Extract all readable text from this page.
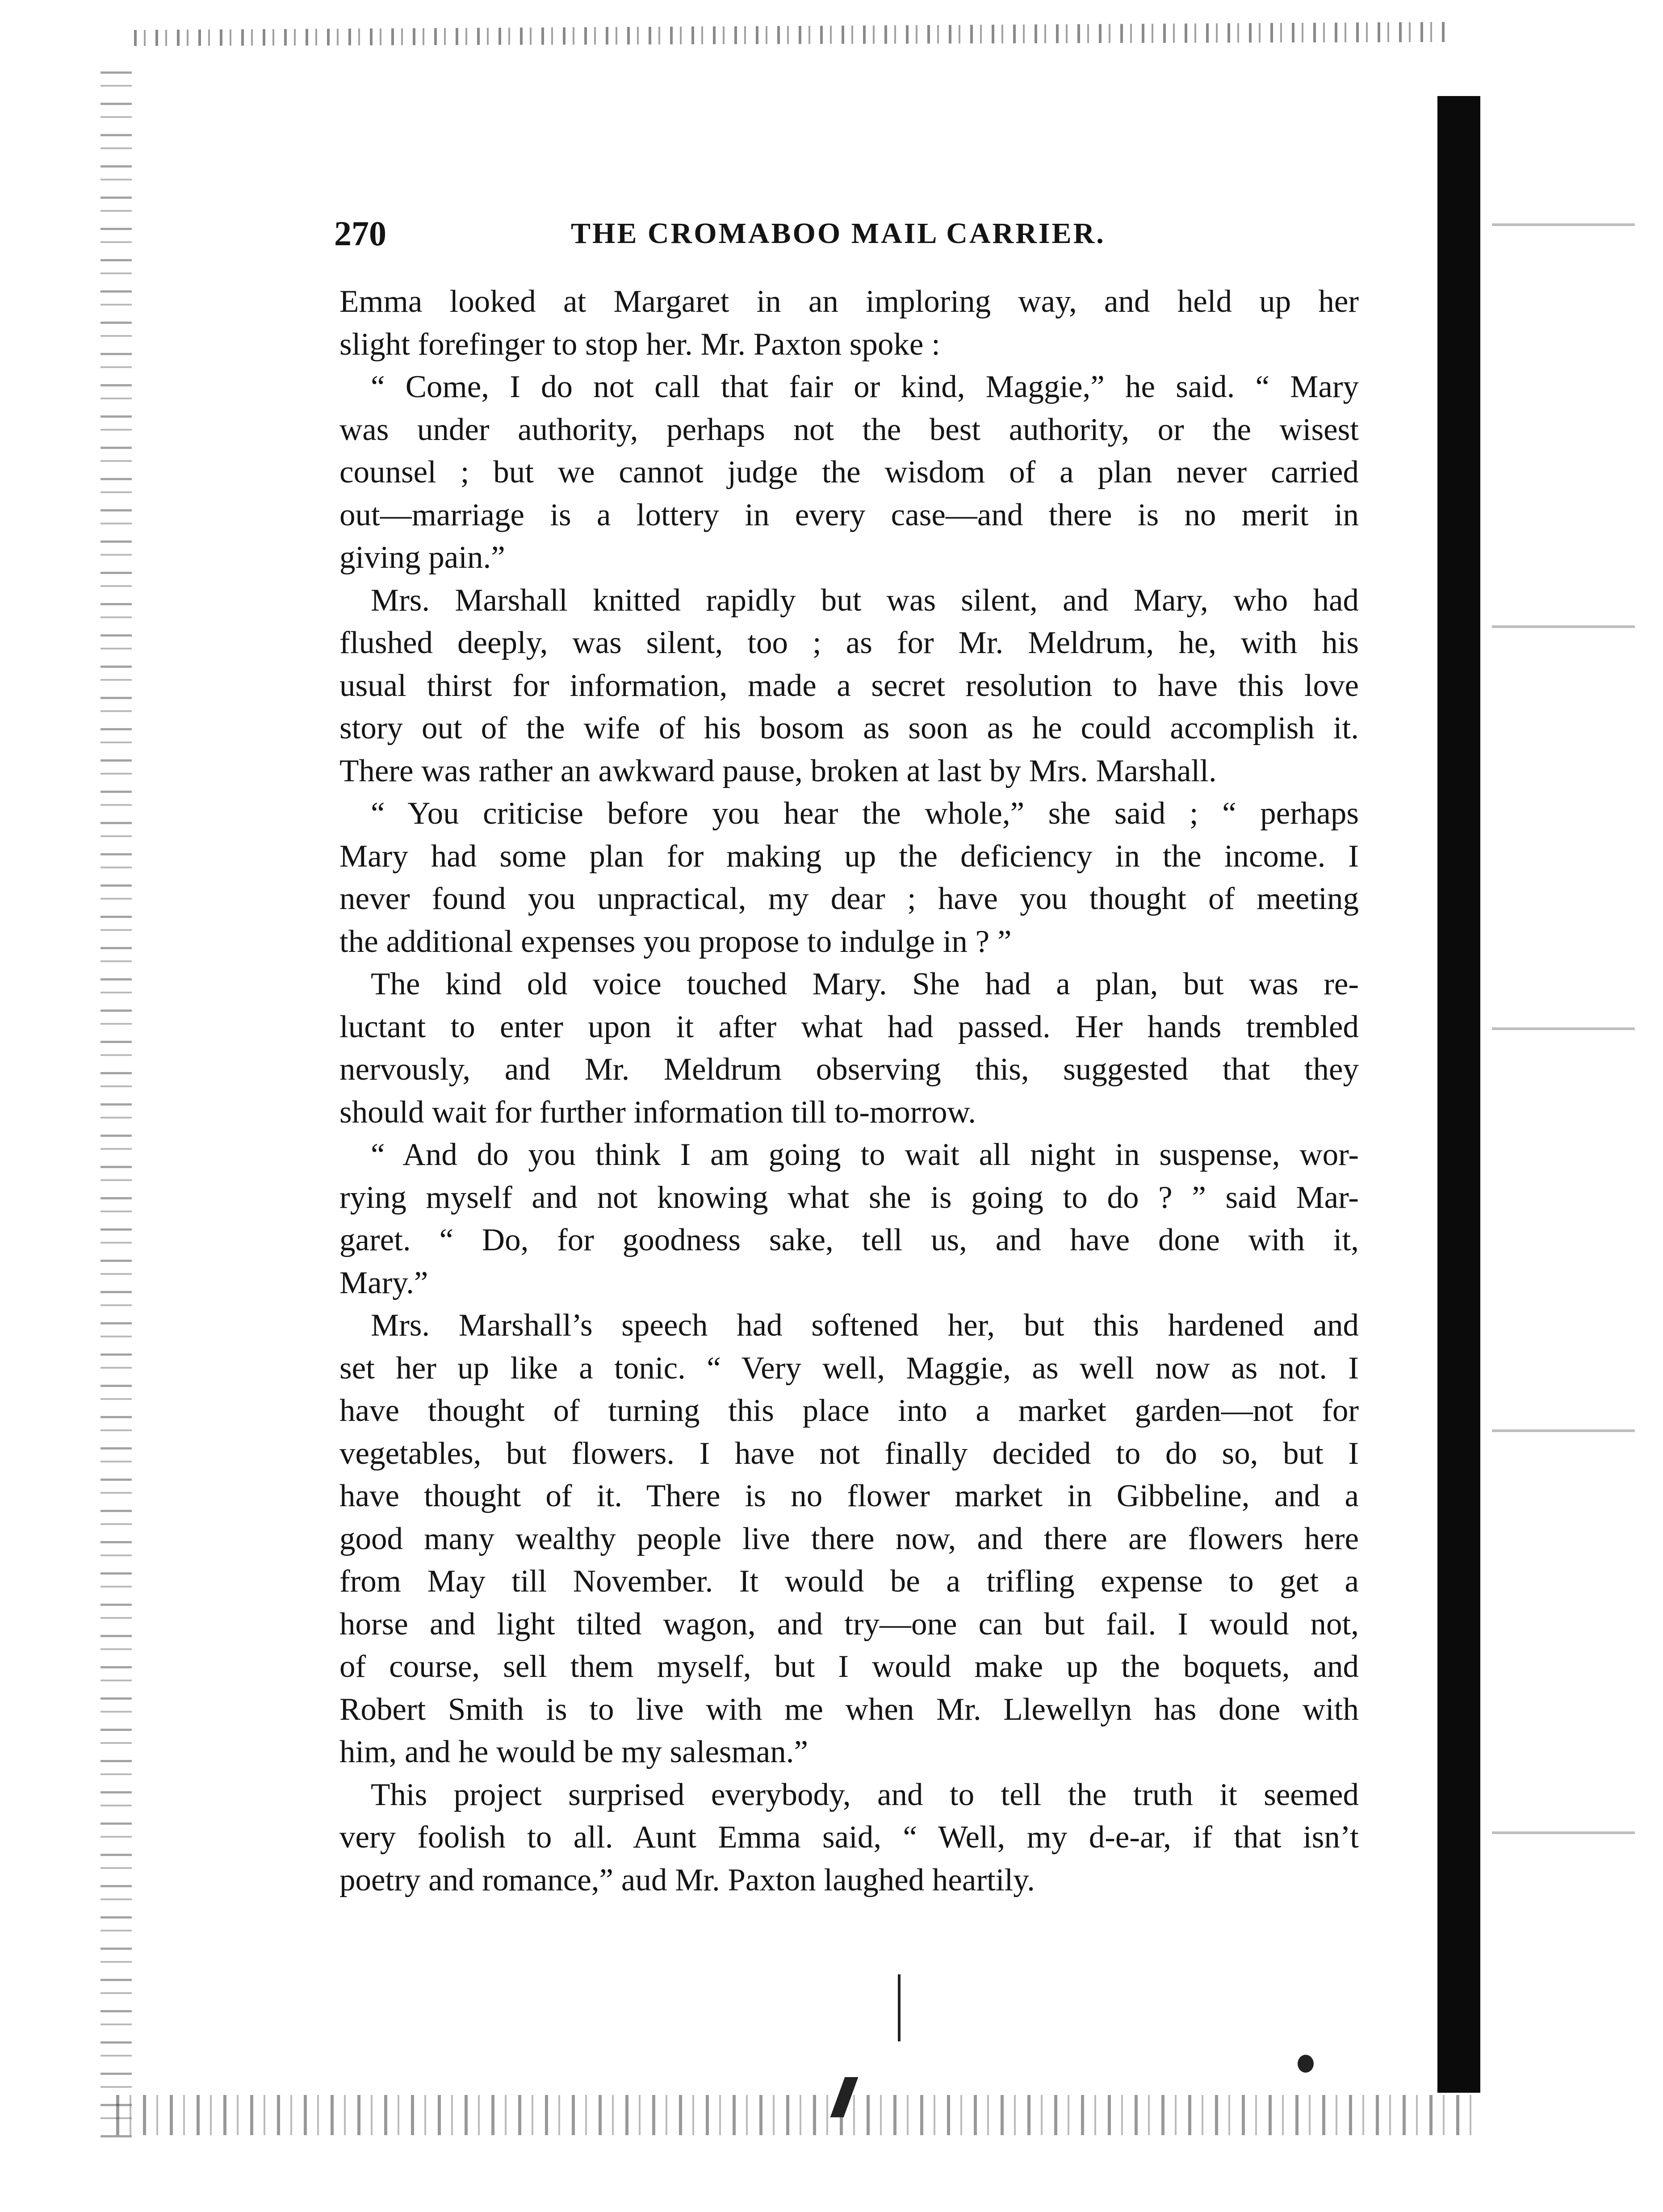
270	THE CROMABOO MAIL CARRIER.
Emma looked at Margaret in an imploring way, and held up her
slight forefinger to stop her. Mr. Paxton spoke :
“ Come, I do not call that fair or kind, Maggie,” he said. “ Mary
was under authority, perhaps not the best authority, or the wisest
counsel ; but we cannot judge the wisdom of a plan never carried
out—marriage is a lottery in every case—and there is no merit in
giving pain.”
Mrs. Marshall knitted rapidly but was silent, and Mary, who had
flushed deeply, was silent, too ; as for Mr. Meldrum, he, with his
usual thirst for information, made a secret resolution to have this love
story out of the wife of his bosom as soon as he could accomplish it.
There was rather an awkward pause, broken at last by Mrs. Marshall.
“ You criticise before you hear the whole,” she said ; “ perhaps
Mary had some plan for making up the deficiency in the income. I
never found you unpractical, my dear ; have you thought of meeting
the additional expenses you propose to indulge in ? ”
The kind old voice touched Mary. She had a plan, but was re-
luctant to enter upon it after what had passed. Her hands trembled
nervously, and Mr. Meldrum observing this, suggested that they
should wait for further information till to-morrow.
“ And do you think I am going to wait all night in suspense, wor-
rying myself and not knowing what she is going to do ? ” said Mar-
garet. “ Do, for goodness sake, tell us, and have done with it,
Mary.”
Mrs. Marshall’s speech had softened her, but this hardened and
set her up like a tonic. “ Very well, Maggie, as well now as not. I
have thought of turning this place into a market garden—not for
vegetables, but flowers. I have not finally decided to do so, but I
have thought of it. There is no flower market in Gibbeline, and a
good many wealthy people live there now, and there are flowers here
from May till November. It would be a trifling expense to get a
horse and light tilted wagon, and try—one can but fail. I would not,
of course, sell them myself, but I would make up the boquets, and
Robert Smith is to live with me when Mr. Llewellyn has done with
him, and he would be my salesman.”
This project surprised everybody, and to tell the truth it seemed
very foolish to all. Aunt Emma said, “ Well, my d-e-ar, if that isn’t
poetry and romance,” aud Mr. Paxton laughed heartily.
